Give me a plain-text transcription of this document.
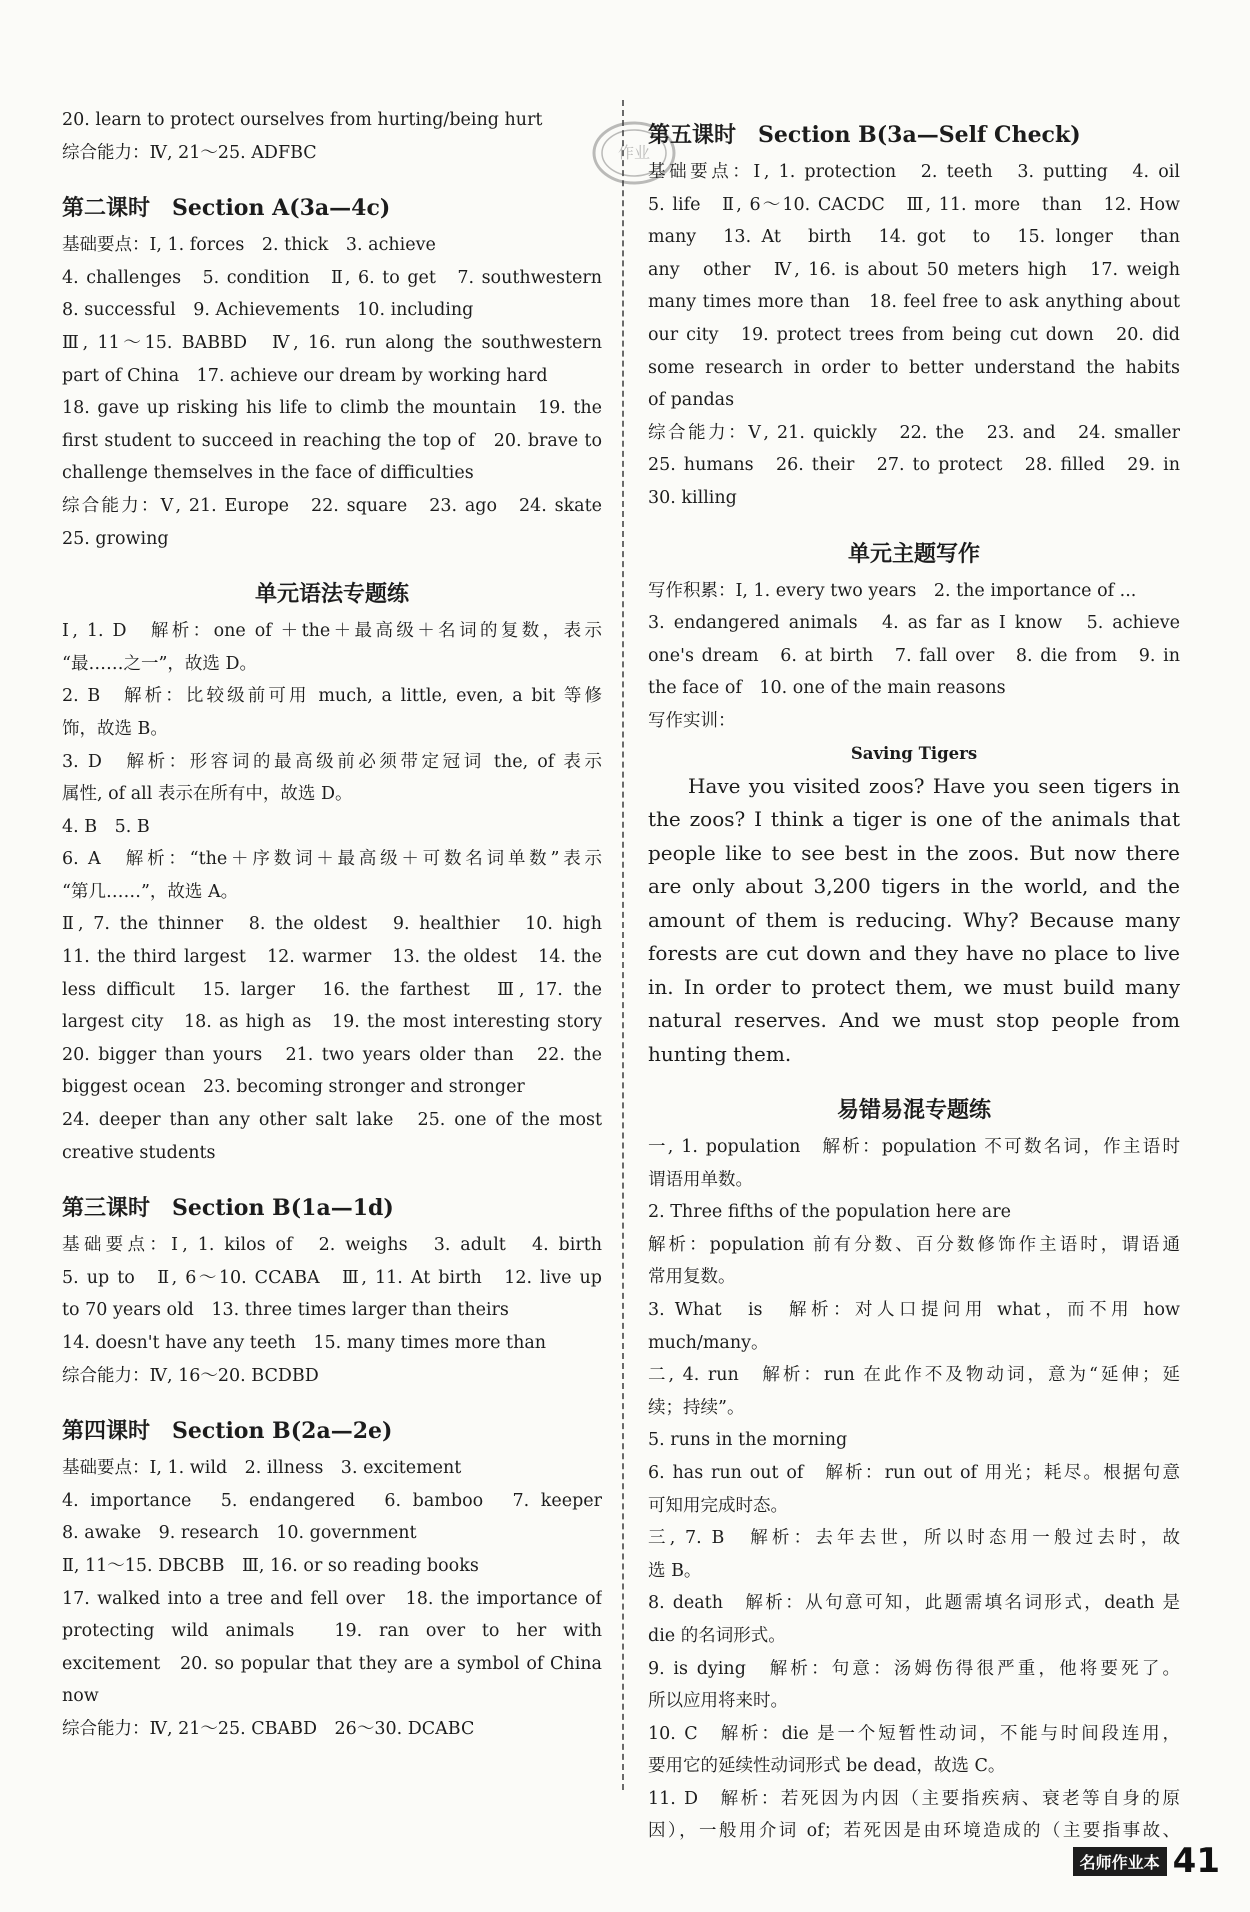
作业
20. learn to protect ourselves from hurting/being hurt
综合能力：Ⅳ, 21～25. ADFBC
第二课时　Section A(3a—4c)
基础要点：Ⅰ, 1. forces　2. thick　3. achieve
4. challenges　5. condition　Ⅱ, 6. to get　7. southwestern
8. successful　9. Achievements　10. including
Ⅲ, 11～15. BABBD　Ⅳ, 16. run along the southwestern
part of China　17. achieve our dream by working hard
18. gave up risking his life to climb the mountain　19. the
first student to succeed in reaching the top of　20. brave to
challenge themselves in the face of difficulties
综合能力：Ⅴ, 21. Europe　22. square　23. ago　24. skate
25. growing
单元语法专题练
Ⅰ, 1. D　解析：one of ＋the＋最高级＋名词的复数，表示
“最……之一”，故选 D。
2. B　解析：比较级前可用 much, a little, even, a bit 等修
饰，故选 B。
3. D　解析：形容词的最高级前必须带定冠词 the, of 表示
属性, of all 表示在所有中，故选 D。
4. B　5. B
6. A　解析：“the＋序数词＋最高级＋可数名词单数”表示
“第几……”，故选 A。
Ⅱ, 7. the thinner　8. the oldest　9. healthier　10. high
11. the third largest　12. warmer　13. the oldest　14. the
less difficult　15. larger　16. the farthest　Ⅲ, 17. the
largest city　18. as high as　19. the most interesting story
20. bigger than yours　21. two years older than　22. the
biggest ocean　23. becoming stronger and stronger
24. deeper than any other salt lake　25. one of the most
creative students
第三课时　Section B(1a—1d)
基础要点：Ⅰ, 1. kilos of　2. weighs　3. adult　4. birth
5. up to　Ⅱ, 6～10. CCABA　Ⅲ, 11. At birth　12. live up
to 70 years old　13. three times larger than theirs
14. doesn't have any teeth　15. many times more than
综合能力：Ⅳ, 16～20. BCDBD
第四课时　Section B(2a—2e)
基础要点：Ⅰ, 1. wild　2. illness　3. excitement
4. importance　5. endangered　6. bamboo　7. keeper
8. awake　9. research　10. government
Ⅱ, 11～15. DBCBB　Ⅲ, 16. or so reading books
17. walked into a tree and fell over　18. the importance of
protecting wild animals　19. ran over to her with
excitement　20. so popular that they are a symbol of China
now
综合能力：Ⅳ, 21～25. CBABD　26～30. DCABC
第五课时　Section B(3a—Self Check)
基础要点：Ⅰ, 1. protection　2. teeth　3. putting　4. oil
5. life　Ⅱ, 6～10. CACDC　Ⅲ, 11. more　than　12. How
many　13. At　birth　14. got　to　15. longer　than
any　other　Ⅳ, 16. is about 50 meters high　17. weigh
many times more than　18. feel free to ask anything about
our city　19. protect trees from being cut down　20. did
some research in order to better understand the habits
of pandas
综合能力：Ⅴ, 21. quickly　22. the　23. and　24. smaller
25. humans　26. their　27. to protect　28. filled　29. in
30. killing
单元主题写作
写作积累：Ⅰ, 1. every two years　2. the importance of ...
3. endangered animals　4. as far as I know　5. achieve
one's dream　6. at birth　7. fall over　8. die from　9. in
the face of　10. one of the main reasons
写作实训：
Saving Tigers
Have you visited zoos? Have you seen tigers in the zoos? I think a tiger is one of the animals that people like to see best in the zoos. But now there are only about 3,200 tigers in the world, and the amount of them is reducing. Why? Because many forests are cut down and they have no place to live in. In order to protect them, we must build many natural reserves. And we must stop people from hunting them.
易错易混专题练
一, 1. population　解析：population 不可数名词，作主语时
谓语用单数。
2. Three fifths of the population here are
解析：population 前有分数、百分数修饰作主语时，谓语通
常用复数。
3. What　is　解析：对人口提问用 what，而不用 how
much/many。
二, 4. run　解析：run 在此作不及物动词，意为“延伸；延
续；持续”。
5. runs in the morning
6. has run out of　解析：run out of 用光；耗尽。根据句意
可知用完成时态。
三, 7. B　解析：去年去世，所以时态用一般过去时，故
选 B。
8. death　解析：从句意可知，此题需填名词形式，death 是
die 的名词形式。
9. is dying　解析：句意：汤姆伤得很严重，他将要死了。
所以应用将来时。
10. C　解析：die 是一个短暂性动词，不能与时间段连用，
要用它的延续性动词形式 be dead，故选 C。
11. D　解析：若死因为内因（主要指疾病、衰老等自身的原
因），一般用介词 of；若死因是由环境造成的（主要指事故、
名师作业本 41
